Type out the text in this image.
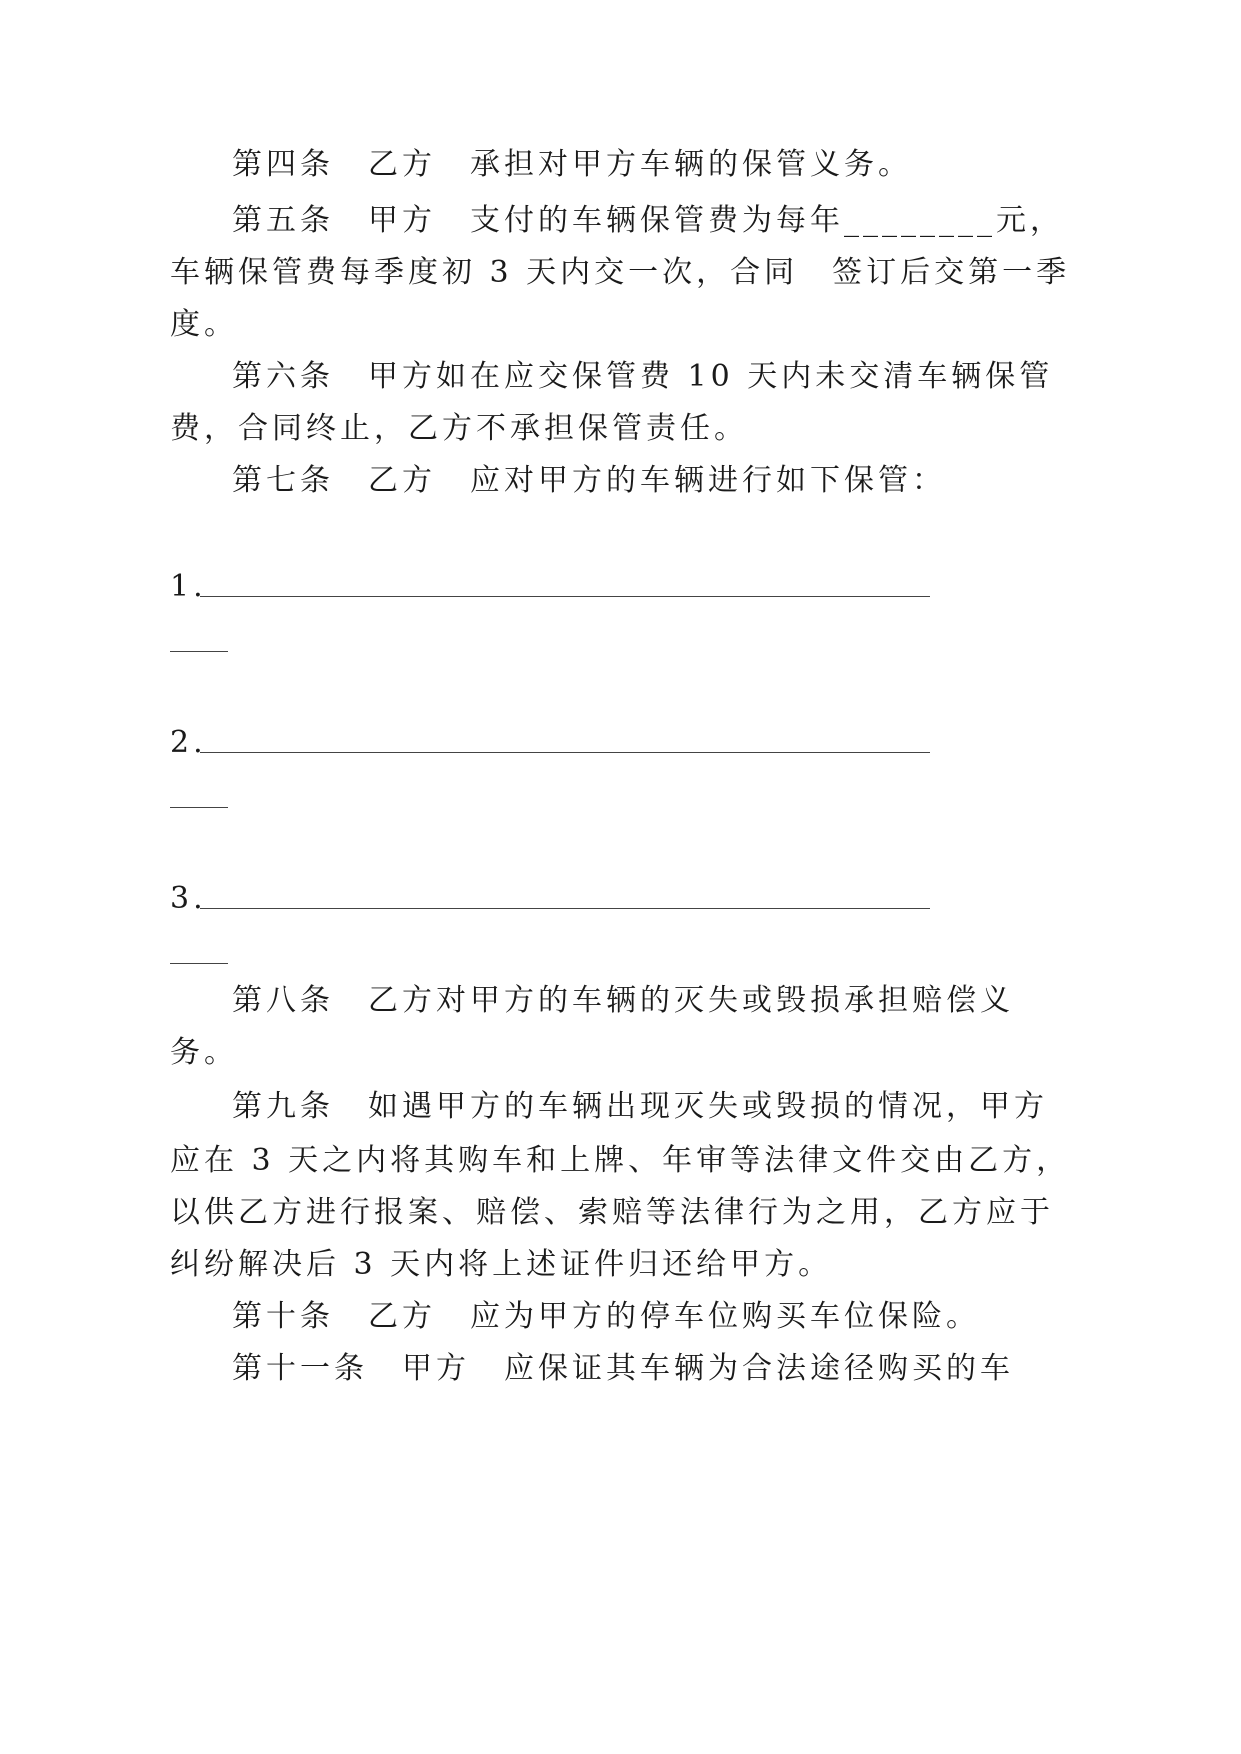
第四条　乙方　承担对甲方车辆的保管义务。
第五条　甲方　支付的车辆保管费为每年________元，
车辆保管费每季度初 3 天内交一次，合同　签订后交第一季
度。
第六条　甲方如在应交保管费 10 天内未交清车辆保管
费，合同终止，乙方不承担保管责任。
第七条　乙方　应对甲方的车辆进行如下保管：
1.
2.
3.
第八条　乙方对甲方的车辆的灭失或毁损承担赔偿义
务。
第九条　如遇甲方的车辆出现灭失或毁损的情况，甲方
应在 3 天之内将其购车和上牌、年审等法律文件交由乙方，
以供乙方进行报案、赔偿、索赔等法律行为之用，乙方应于
纠纷解决后 3 天内将上述证件归还给甲方。
第十条　乙方　应为甲方的停车位购买车位保险。
第十一条　甲方　应保证其车辆为合法途径购买的车
